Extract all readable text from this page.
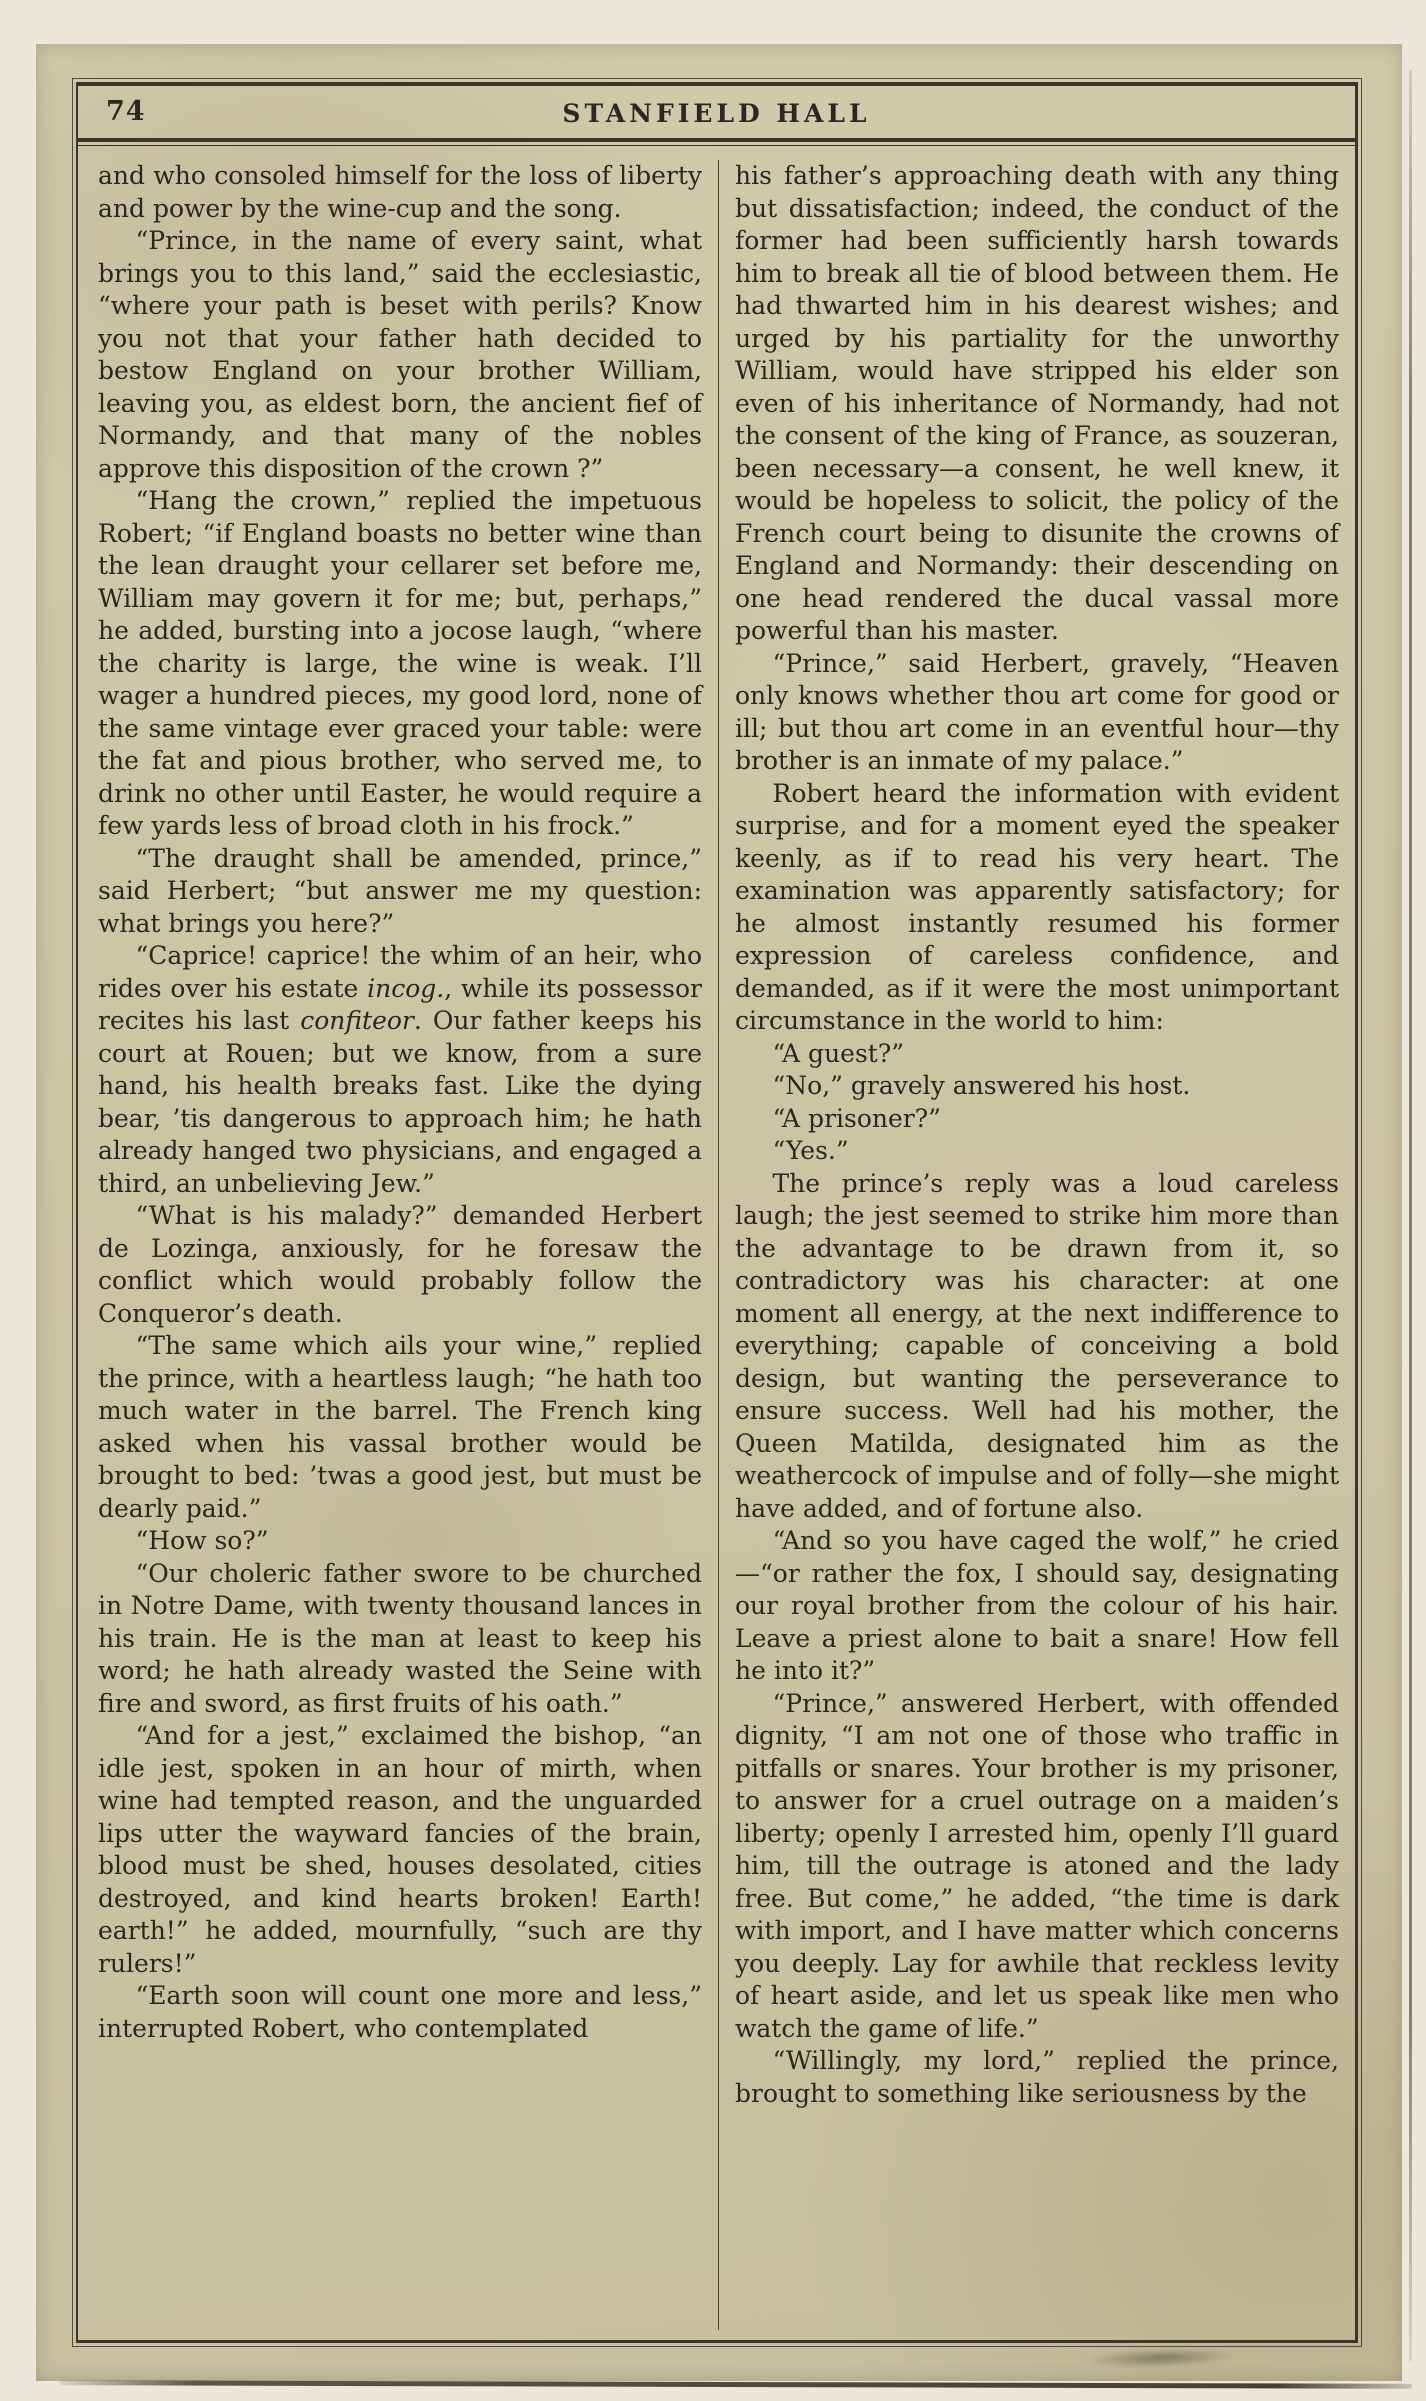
74	STANFIELD HALL

and who consoled himself for the loss of liberty and power by the wine-cup and the song.

“Prince, in the name of every saint, what brings you to this land,” said the ecclesiastic, “where your path is beset with perils? Know you not that your father hath decided to bestow England on your brother William, leaving you, as eldest born, the ancient fief of Normandy, and that many of the nobles approve this disposition of the crown ?”

“Hang the crown,” replied the impetuous Robert; “if England boasts no better wine than the lean draught your cellarer set before me, William may govern it for me; but, perhaps,” he added, bursting into a jocose laugh, “where the charity is large, the wine is weak. I’ll wager a hundred pieces, my good lord, none of the same vintage ever graced your table: were the fat and pious brother, who served me, to drink no other until Easter, he would require a few yards less of broad cloth in his frock.”

“The draught shall be amended, prince,” said Herbert; “but answer me my question: what brings you here?”

“Caprice! caprice! the whim of an heir, who rides over his estate incog., while its possessor recites his last confiteor. Our father keeps his court at Rouen; but we know, from a sure hand, his health breaks fast. Like the dying bear, ’tis dangerous to approach him; he hath already hanged two physicians, and engaged a third, an unbelieving Jew.”

“What is his malady?” demanded Herbert de Lozinga, anxiously, for he foresaw the conflict which would probably follow the Conqueror’s death.

“The same which ails your wine,” replied the prince, with a heartless laugh; “he hath too much water in the barrel. The French king asked when his vassal brother would be brought to bed: ’twas a good jest, but must be dearly paid.”

“How so?”

“Our choleric father swore to be churched in Notre Dame, with twenty thousand lances in his train. He is the man at least to keep his word; he hath already wasted the Seine with fire and sword, as first fruits of his oath.”

“And for a jest,” exclaimed the bishop, “an idle jest, spoken in an hour of mirth, when wine had tempted reason, and the unguarded lips utter the wayward fancies of the brain, blood must be shed, houses desolated, cities destroyed, and kind hearts broken! Earth! earth!” he added, mournfully, “such are thy rulers!”

“Earth soon will count one more and less,” interrupted Robert, who contemplated

his father’s approaching death with any thing but dissatisfaction; indeed, the conduct of the former had been sufficiently harsh towards him to break all tie of blood between them. He had thwarted him in his dearest wishes; and urged by his partiality for the unworthy William, would have stripped his elder son even of his inheritance of Normandy, had not the consent of the king of France, as souzeran, been necessary—a consent, he well knew, it would be hopeless to solicit, the policy of the French court being to disunite the crowns of England and Normandy: their descending on one head rendered the ducal vassal more powerful than his master.

“Prince,” said Herbert, gravely, “Heaven only knows whether thou art come for good or ill; but thou art come in an eventful hour—thy brother is an inmate of my palace.”

Robert heard the information with evident surprise, and for a moment eyed the speaker keenly, as if to read his very heart. The examination was apparently satisfactory; for he almost instantly resumed his former expression of careless confidence, and demanded, as if it were the most unimportant circumstance in the world to him:

“A guest?”

“No,” gravely answered his host.

“A prisoner?”

“Yes.”

The prince’s reply was a loud careless laugh; the jest seemed to strike him more than the advantage to be drawn from it, so contradictory was his character: at one moment all energy, at the next indifference to everything; capable of conceiving a bold design, but wanting the perseverance to ensure success. Well had his mother, the Queen Matilda, designated him as the weathercock of impulse and of folly—she might have added, and of fortune also.

“And so you have caged the wolf,” he cried—“or rather the fox, I should say, designating our royal brother from the colour of his hair. Leave a priest alone to bait a snare! How fell he into it?”

“Prince,” answered Herbert, with offended dignity, “I am not one of those who traffic in pitfalls or snares. Your brother is my prisoner, to answer for a cruel outrage on a maiden’s liberty; openly I arrested him, openly I’ll guard him, till the outrage is atoned and the lady free. But come,” he added, “the time is dark with import, and I have matter which concerns you deeply. Lay for awhile that reckless levity of heart aside, and let us speak like men who watch the game of life.”

“Willingly, my lord,” replied the prince, brought to something like seriousness by the
